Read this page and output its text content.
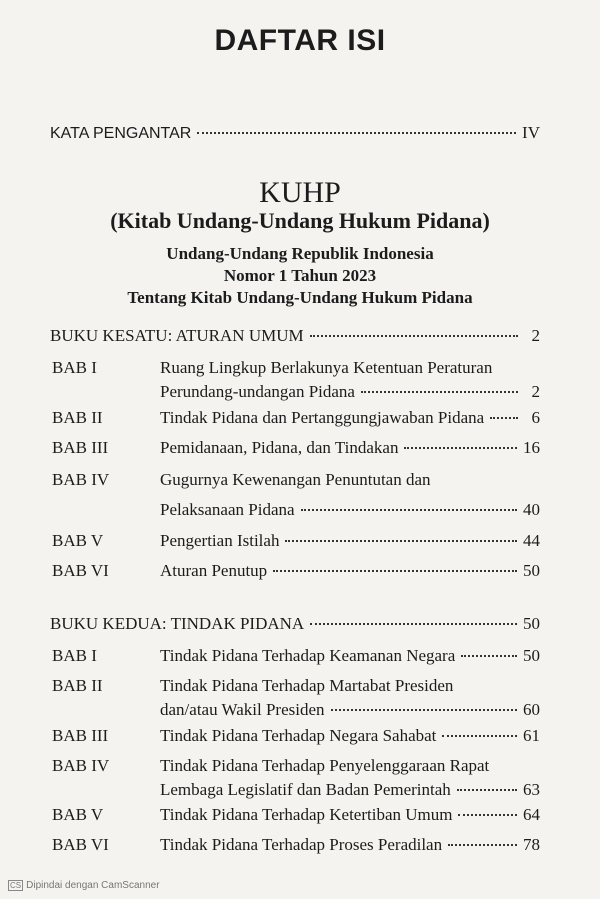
DAFTAR ISI
KATA PENGANTAR	IV
KUHP
(Kitab Undang-Undang Hukum Pidana)
Undang-Undang Republik Indonesia
Nomor 1 Tahun 2023
Tentang Kitab Undang-Undang Hukum Pidana
BUKU KESATU: ATURAN UMUM	2
BAB I	Ruang Lingkup Berlakunya Ketentuan Peraturan
Perundang-undangan Pidana	2
BAB II	Tindak Pidana dan Pertanggungjawaban Pidana	6
BAB III	Pemidanaan, Pidana, dan Tindakan	16
BAB IV	Gugurnya Kewenangan Penuntutan dan
Pelaksanaan Pidana	40
BAB V	Pengertian Istilah	44
BAB VI	Aturan Penutup	50
BUKU KEDUA: TINDAK PIDANA	50
BAB I	Tindak Pidana Terhadap Keamanan Negara	50
BAB II	Tindak Pidana Terhadap Martabat Presiden
dan/atau Wakil Presiden	60
BAB III	Tindak Pidana Terhadap Negara Sahabat	61
BAB IV	Tindak Pidana Terhadap Penyelenggaraan Rapat
Lembaga Legislatif dan Badan Pemerintah	63
BAB V	Tindak Pidana Terhadap Ketertiban Umum	64
BAB VI	Tindak Pidana Terhadap Proses Peradilan	78
CS Dipindai dengan CamScanner
